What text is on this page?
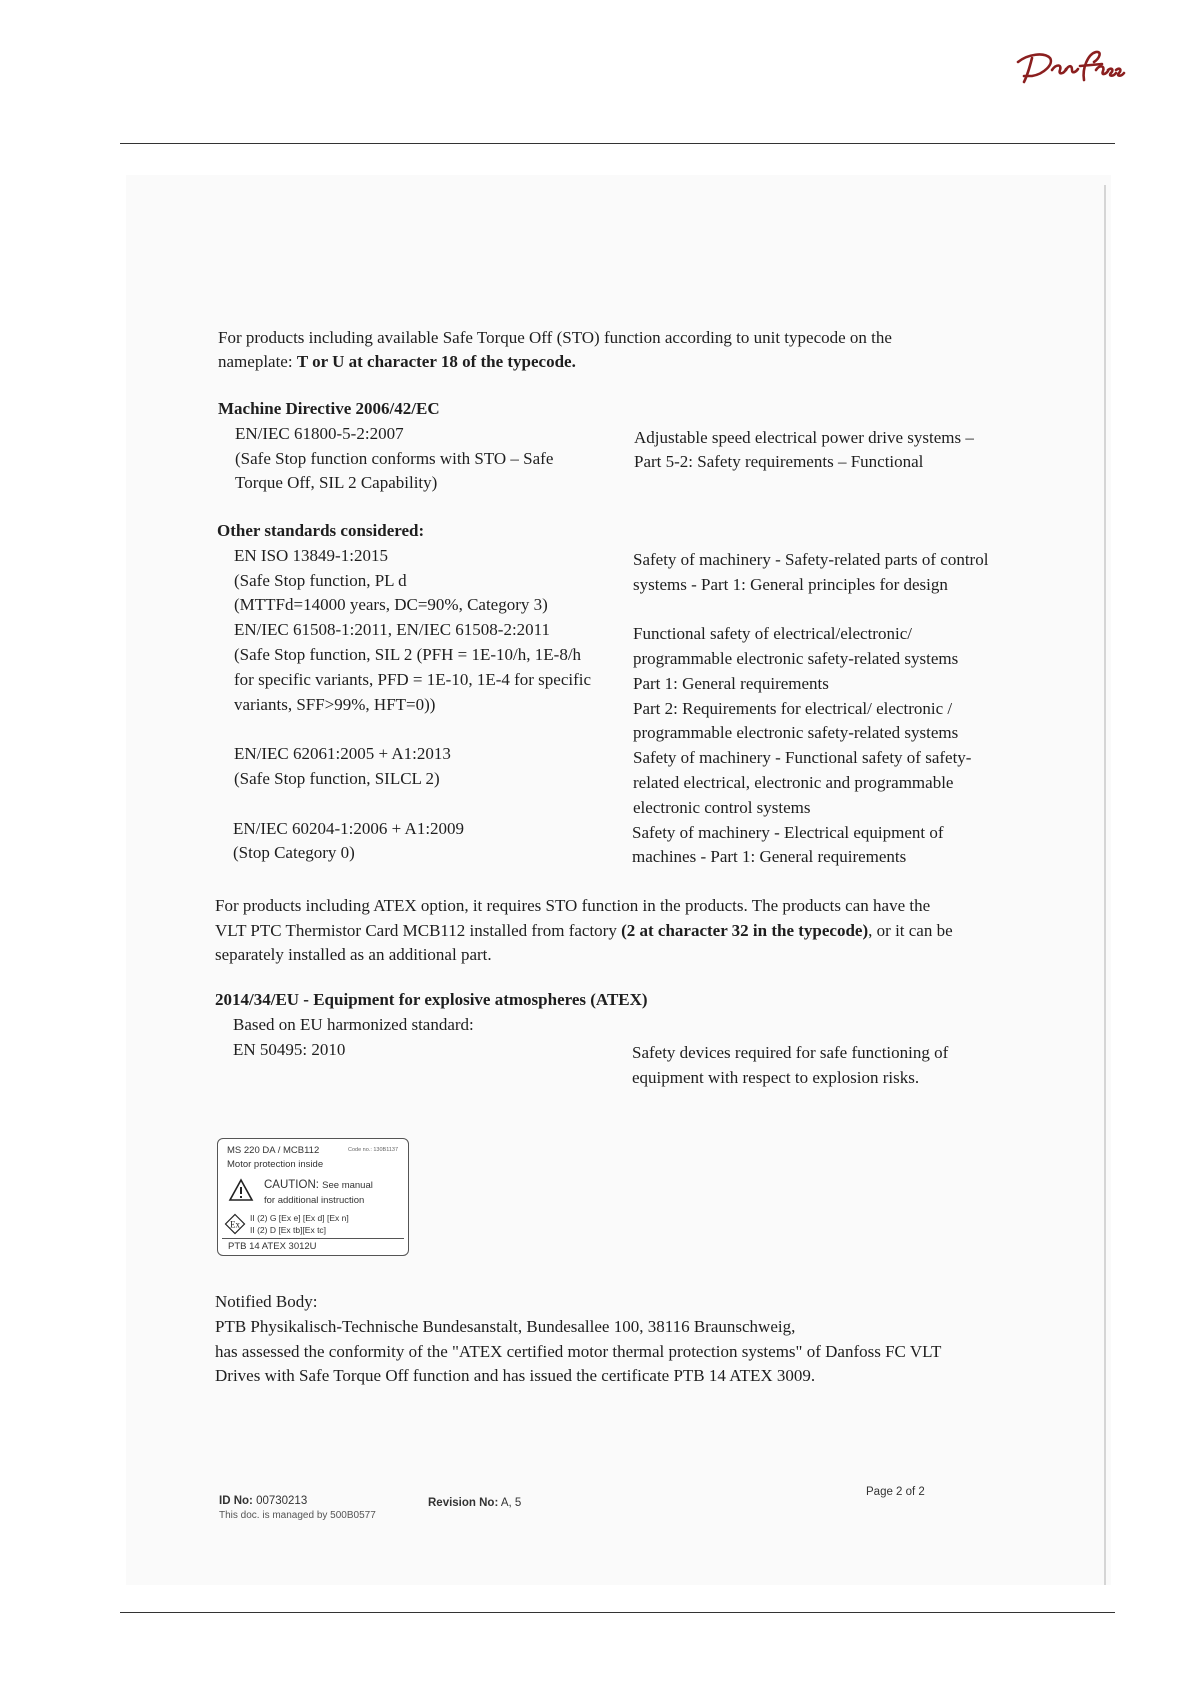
For products including available Safe Torque Off (STO) function according to unit typecode on the
nameplate: T or U at character 18 of the typecode.
Machine Directive 2006/42/EC
EN/IEC 61800-5-2:2007
(Safe Stop function conforms with STO – Safe
Torque Off, SIL 2 Capability)
Adjustable speed electrical power drive systems –
Part 5-2: Safety requirements – Functional
Other standards considered:
EN ISO 13849-1:2015
(Safe Stop function, PL d
(MTTFd=14000 years, DC=90%, Category 3)
EN/IEC 61508-1:2011, EN/IEC 61508-2:2011
(Safe Stop function, SIL 2 (PFH = 1E-10/h, 1E-8/h
for specific variants, PFD = 1E-10, 1E-4 for specific
variants, SFF>99%, HFT=0))
EN/IEC 62061:2005 + A1:2013
(Safe Stop function, SILCL 2)
EN/IEC 60204-1:2006 + A1:2009
(Stop Category 0)
Safety of machinery - Safety-related parts of control
systems - Part 1: General principles for design
Functional safety of electrical/electronic/
programmable electronic safety-related systems
Part 1: General requirements
Part 2: Requirements for electrical/ electronic /
programmable electronic safety-related systems
Safety of machinery - Functional safety of safety-
related electrical, electronic and programmable
electronic control systems
Safety of machinery - Electrical equipment of
machines - Part 1: General requirements
For products including ATEX option, it requires STO function in the products. The products can have the
VLT PTC Thermistor Card MCB112 installed from factory (2 at character 32 in the typecode), or it can be
separately installed as an additional part.
2014/34/EU - Equipment for explosive atmospheres (ATEX)
Based on EU harmonized standard:
EN 50495: 2010	Safety devices required for safe functioning of
equipment with respect to explosion risks.
MS 220 DA / MCB112	Code no.: 130B1137
Motor protection inside
CAUTION: See manual
for additional instruction
Ex
II (2) G [Ex e] [Ex d] [Ex n]
II (2) D [Ex tb][Ex tc]
PTB 14 ATEX 3012U
Notified Body:
PTB Physikalisch-Technische Bundesanstalt, Bundesallee 100, 38116 Braunschweig,
has assessed the conformity of the "ATEX certified motor thermal protection systems" of Danfoss FC VLT
Drives with Safe Torque Off function and has issued the certificate PTB 14 ATEX 3009.
ID No: 00730213
This doc. is managed by 500B0577
Revision No: A, 5
Page 2 of 2
